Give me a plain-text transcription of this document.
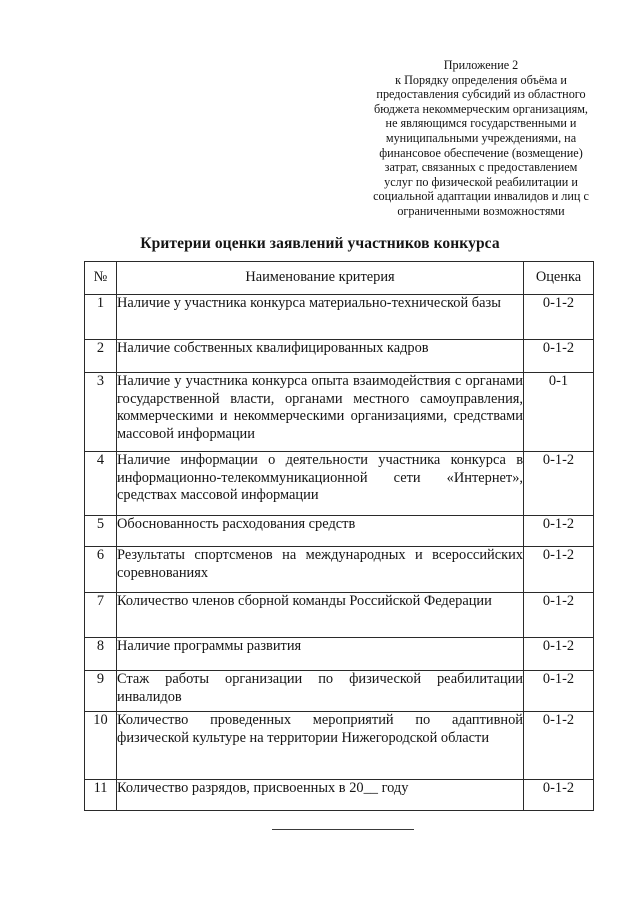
Приложение 2
к Порядку определения объёма и
предоставления субсидий из областного
бюджета некоммерческим организациям,
не являющимся государственными и
муниципальными учреждениями, на
финансовое обеспечение (возмещение)
затрат, связанных с предоставлением
услуг по физической реабилитации и
социальной адаптации инвалидов и лиц с
ограниченными возможностями
Критерии оценки заявлений участников конкурса
№	Наименование критерия	Оценка
1	Наличие у участника конкурса материально-технической базы	0-1-2
2	Наличие собственных квалифицированных кадров	0-1-2
3	Наличие у участника конкурса опыта взаимодействия с органами государственной власти, органами местного самоуправления, коммерческими и некоммерческими организациями, средствами массовой информации	0-1
4	Наличие информации о деятельности участника конкурса в информационно-телекоммуникационной сети «Интернет», средствах массовой информации	0-1-2
5	Обоснованность расходования средств	0-1-2
6	Результаты спортсменов на международных и всероссийских соревнованиях	0-1-2
7	Количество членов сборной команды Российской Федерации	0-1-2
8	Наличие программы развития	0-1-2
9	Стаж работы организации по физической реабилитации инвалидов	0-1-2
10	Количество проведенных мероприятий по адаптивной физической культуре на территории Нижегородской области	0-1-2
11	Количество разрядов, присвоенных в 20__ году	0-1-2
